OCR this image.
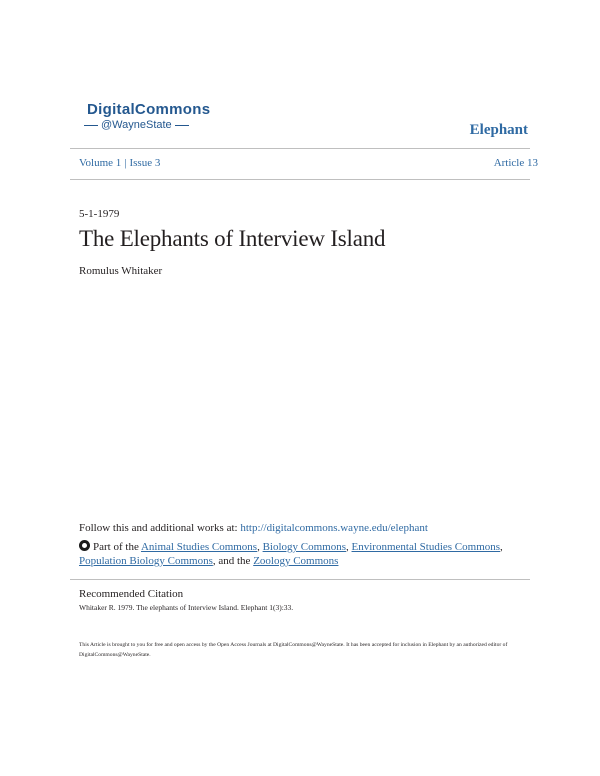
DigitalCommons
@WayneState	Elephant
Volume 1 | Issue 3	Article 13
5-1-1979
The Elephants of Interview Island
Romulus Whitaker
Follow this and additional works at: http://digitalcommons.wayne.edu/elephant
Part of the Animal Studies Commons, Biology Commons, Environmental Studies Commons,
Population Biology Commons, and the Zoology Commons
Recommended Citation
Whitaker R. 1979. The elephants of Interview Island. Elephant 1(3):33.
This Article is brought to you for free and open access by the Open Access Journals at DigitalCommons@WayneState. It has been accepted for inclusion in Elephant by an authorized editor of DigitalCommons@WayneState.
